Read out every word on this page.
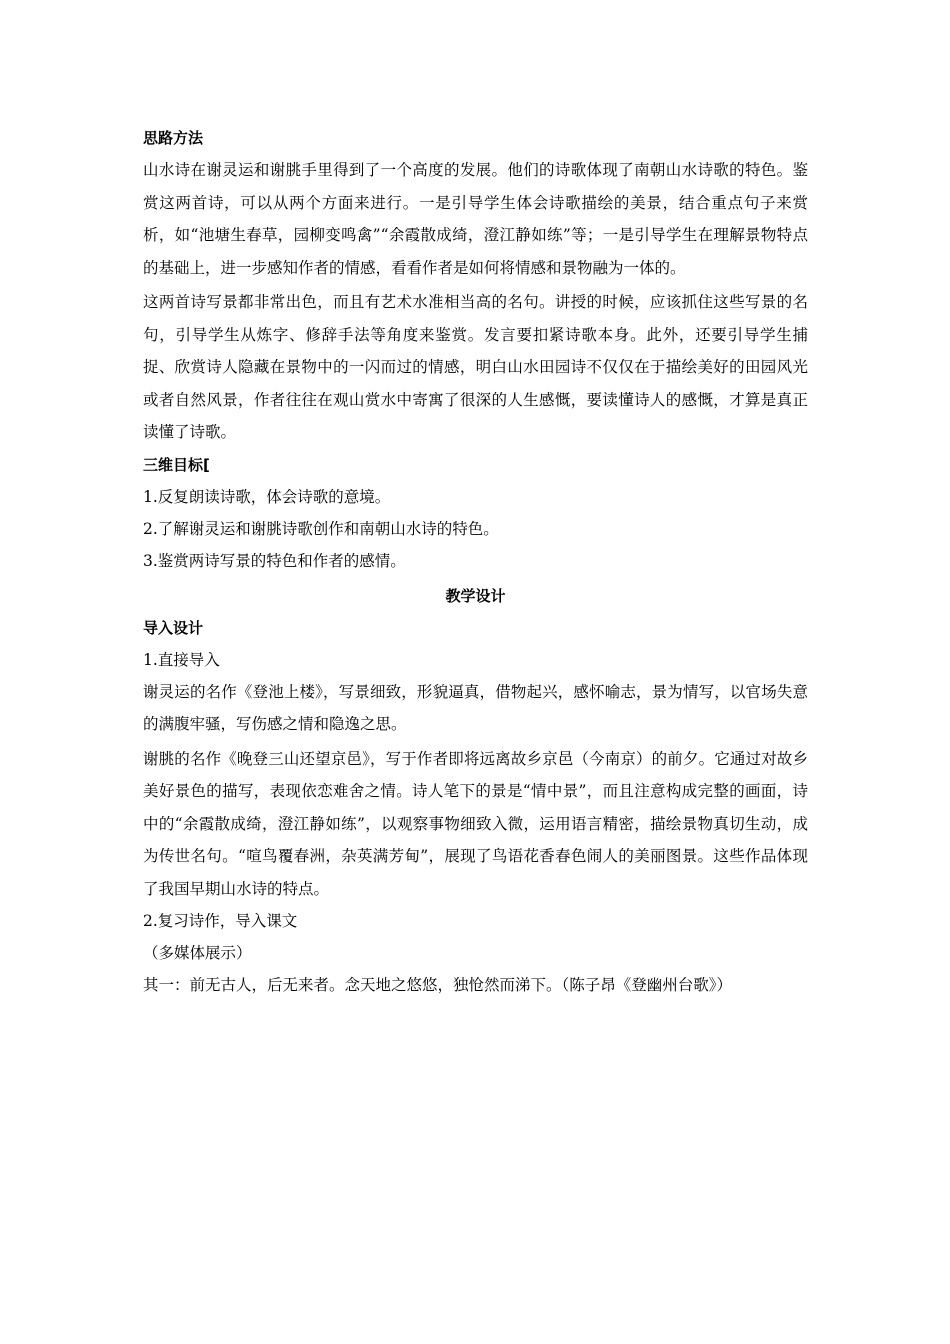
思路方法

山水诗在谢灵运和谢朓手里得到了一个高度的发展。他们的诗歌体现了南朝山水诗歌的特色。鉴赏这两首诗，可以从两个方面来进行。一是引导学生体会诗歌描绘的美景，结合重点句子来赏析，如“池塘生春草，园柳变鸣禽”“余霞散成绮，澄江静如练”等；一是引导学生在理解景物特点的基础上，进一步感知作者的情感，看看作者是如何将情感和景物融为一体的。

这两首诗写景都非常出色，而且有艺术水准相当高的名句。讲授的时候，应该抓住这些写景的名句，引导学生从炼字、修辞手法等角度来鉴赏。发言要扣紧诗歌本身。此外，还要引导学生捕捉、欣赏诗人隐藏在景物中的一闪而过的情感，明白山水田园诗不仅仅在于描绘美好的田园风光或者自然风景，作者往往在观山赏水中寄寓了很深的人生感慨，要读懂诗人的感慨，才算是真正读懂了诗歌。

三维目标[
1.反复朗读诗歌，体会诗歌的意境。
2.了解谢灵运和谢朓诗歌创作和南朝山水诗的特色。
3.鉴赏两诗写景的特色和作者的感情。
教学设计
导入设计
1.直接导入

谢灵运的名作《登池上楼》，写景细致，形貌逼真，借物起兴，感怀喻志，景为情写，以官场失意的满腹牢骚，写伤感之情和隐逸之思。

谢朓的名作《晚登三山还望京邑》，写于作者即将远离故乡京邑（今南京）的前夕。它通过对故乡美好景色的描写，表现依恋难舍之情。诗人笔下的景是“情中景”，而且注意构成完整的画面，诗中的“余霞散成绮，澄江静如练”，以观察事物细致入微，运用语言精密，描绘景物真切生动，成为传世名句。“喧鸟覆春洲，杂英满芳甸”，展现了鸟语花香春色闹人的美丽图景。这些作品体现了我国早期山水诗的特点。

2.复习诗作，导入课文
（多媒体展示）
其一：前无古人，后无来者。念天地之悠悠，独怆然而涕下。（陈子昂《登幽州台歌》）
